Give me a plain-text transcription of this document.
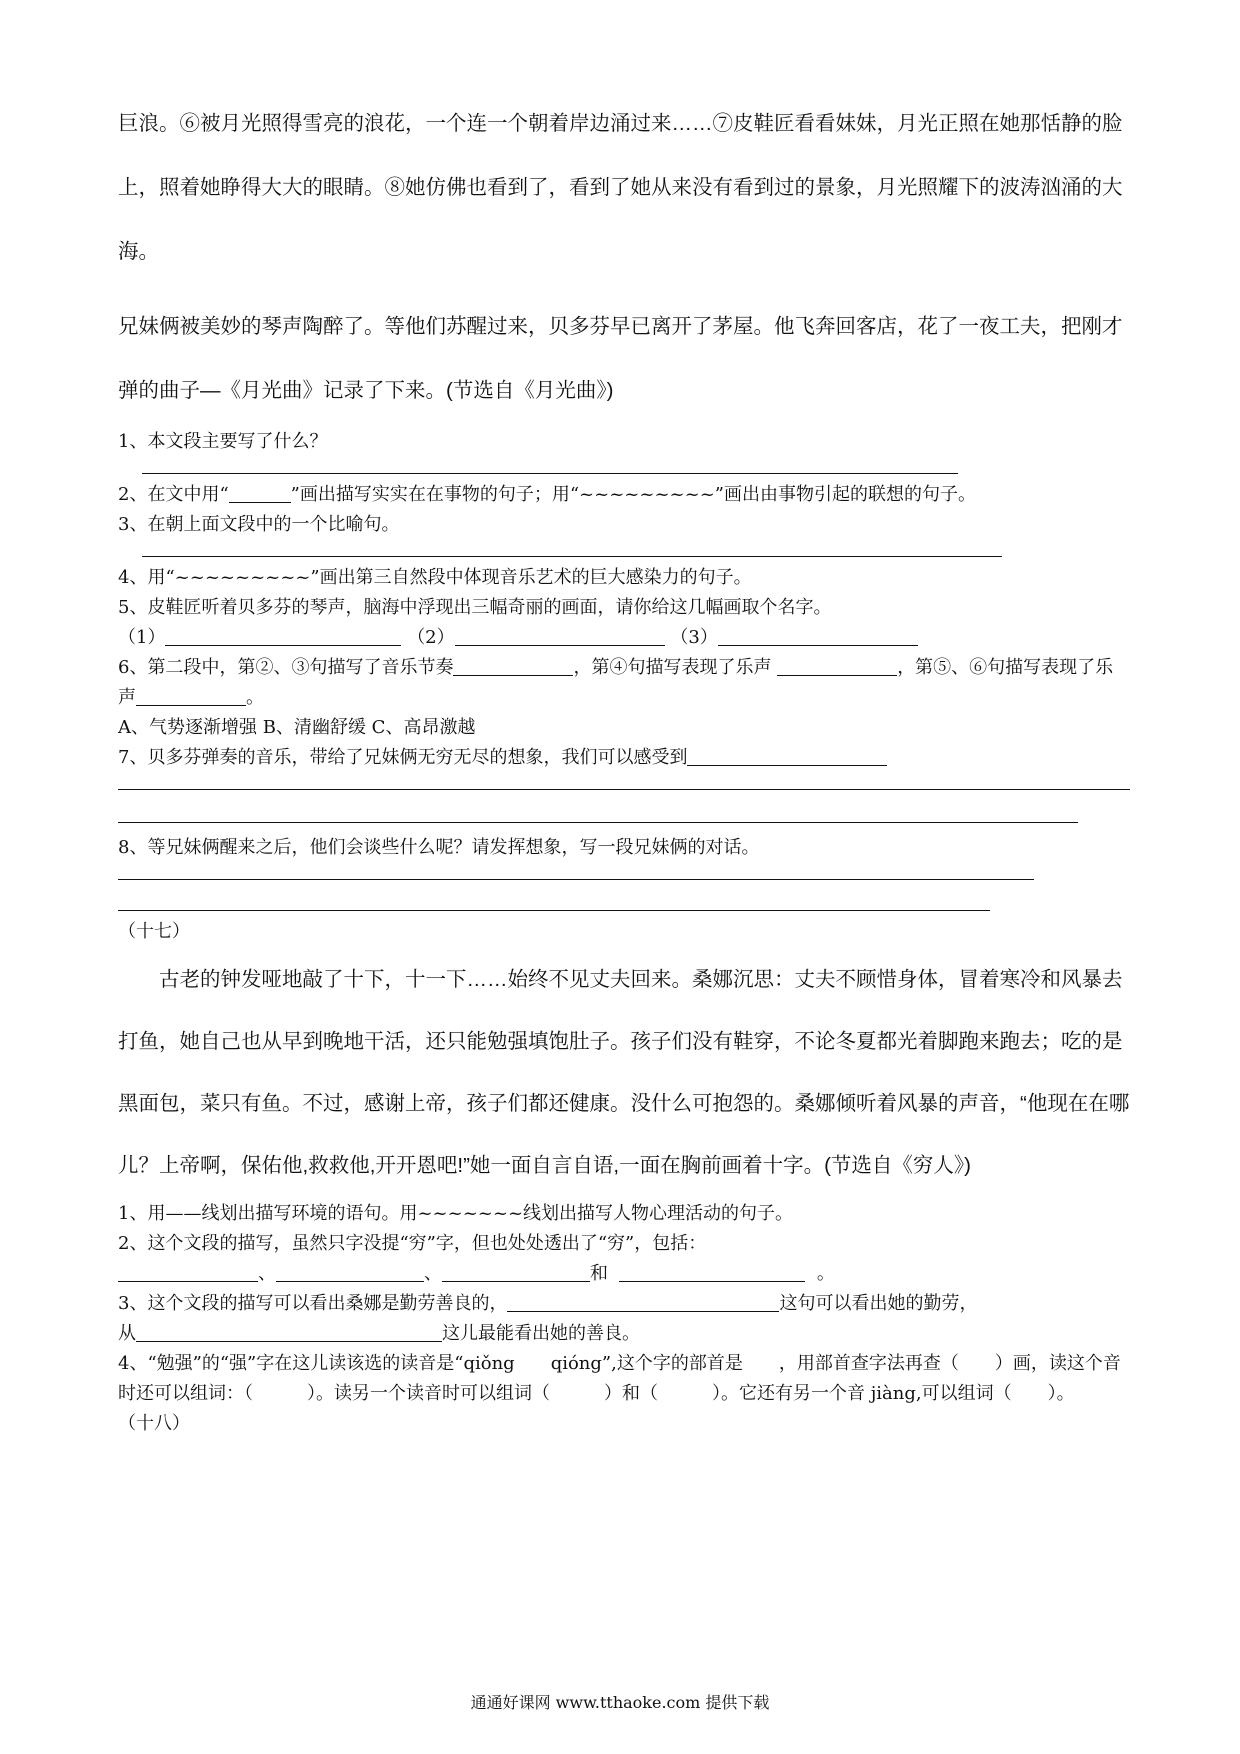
巨浪。⑥被月光照得雪亮的浪花，一个连一个朝着岸边涌过来……⑦皮鞋匠看看妹妹，月光正照在她那恬静的脸上，照着她睁得大大的眼睛。⑧她仿佛也看到了，看到了她从来没有看到过的景象，月光照耀下的波涛汹涌的大海。

兄妹俩被美妙的琴声陶醉了。等他们苏醒过来，贝多芬早已离开了茅屋。他飞奔回客店，花了一夜工夫，把刚才弹的曲子—《月光曲》记录了下来。(节选自《月光曲》)

1、本文段主要写了什么？

2、在文中用“	”画出描写实实在在事物的句子；用“~~~~~~~~~”画出由事物引起的联想的句子。

3、在朝上面文段中的一个比喻句。

4、用“~~~~~~~~~”画出第三自然段中体现音乐艺术的巨大感染力的句子。

5、皮鞋匠听着贝多芬的琴声，脑海中浮现出三幅奇丽的画面，请你给这几幅画取个名字。

（1）	（2）	（3）

6、第二段中，第②、③句描写了音乐节奏	，第④句描写表现了乐声	，第⑤、⑥句描写表现了乐声	。

A、气势逐渐增强 B、清幽舒缓 C、高昂激越

7、贝多芬弹奏的音乐，带给了兄妹俩无穷无尽的想象，我们可以感受到

8、等兄妹俩醒来之后，他们会谈些什么呢？请发挥想象，写一段兄妹俩的对话。

（十七）

古老的钟发哑地敲了十下，十一下……始终不见丈夫回来。桑娜沉思：丈夫不顾惜身体，冒着寒冷和风暴去打鱼，她自己也从早到晚地干活，还只能勉强填饱肚子。孩子们没有鞋穿，不论冬夏都光着脚跑来跑去；吃的是黑面包，菜只有鱼。不过，感谢上帝，孩子们都还健康。没什么可抱怨的。桑娜倾听着风暴的声音，“他现在在哪儿？上帝啊，保佑他,救救他,开开恩吧!”她一面自言自语,一面在胸前画着十字。(节选自《穷人》)

1、用——线划出描写环境的语句。用~~~~~~~线划出描写人物心理活动的句子。

2、这个文段的描写，虽然只字没提“穷”字，但也处处透出了“穷”，包括：

、	、	和	。

3、这个文段的描写可以看出桑娜是勤劳善良的，	这句可以看出她的勤劳，

从	这儿最能看出她的善良。

4、“勉强”的“强”字在这儿读该选的读音是“qiǒng　　qióng”,这个字的部首是　　，用部首查字法再查（　　）画，读这个音时还可以组词：（　　　）。读另一个读音时可以组词（　　　）和（　　　）。它还有另一个音 jiàng,可以组词（　　）。

（十八）

通通好课网 www.tthaoke.com 提供下载
